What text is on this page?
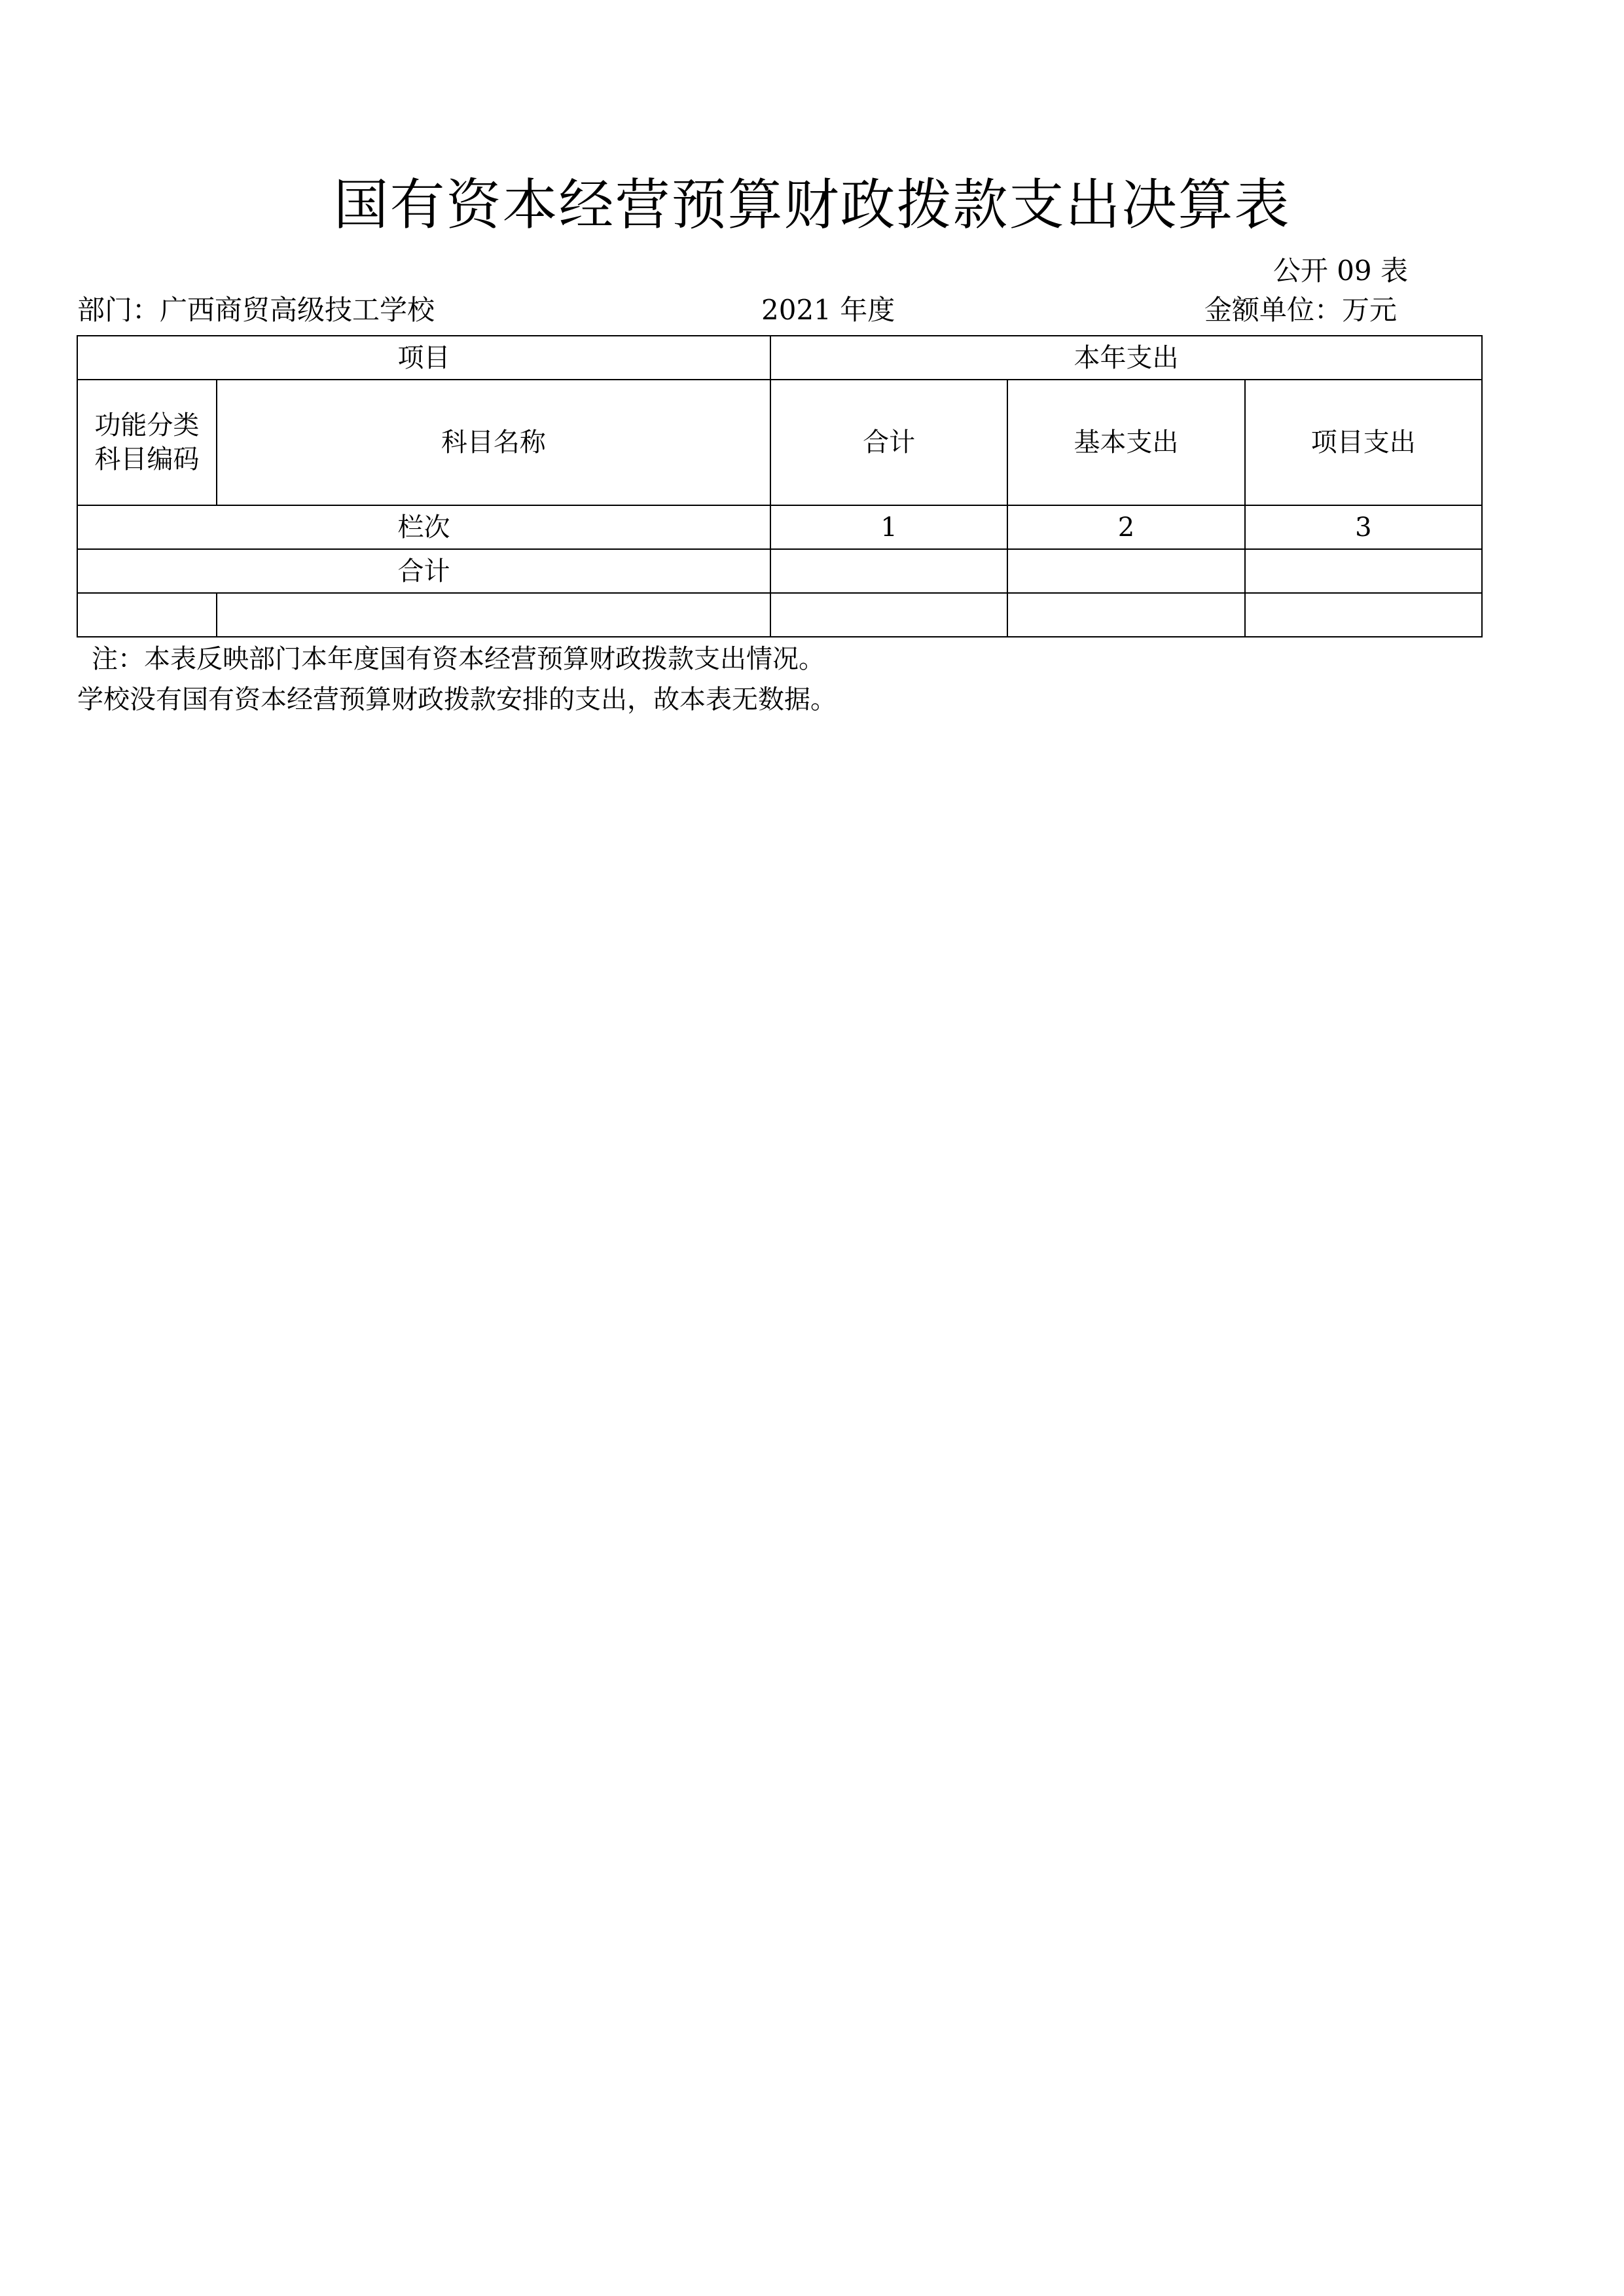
国有资本经营预算财政拨款支出决算表
公开 09 表
部门：广西商贸高级技工学校	2021 年度	金额单位：万元
项目		本年支出		

功能分类
科目编码	科目名称	合计	基本支出	项目支出
栏次		1	2	3
合计				

注：本表反映部门本年度国有资本经营预算财政拨款支出情况。
学校没有国有资本经营预算财政拨款安排的支出，故本表无数据。
